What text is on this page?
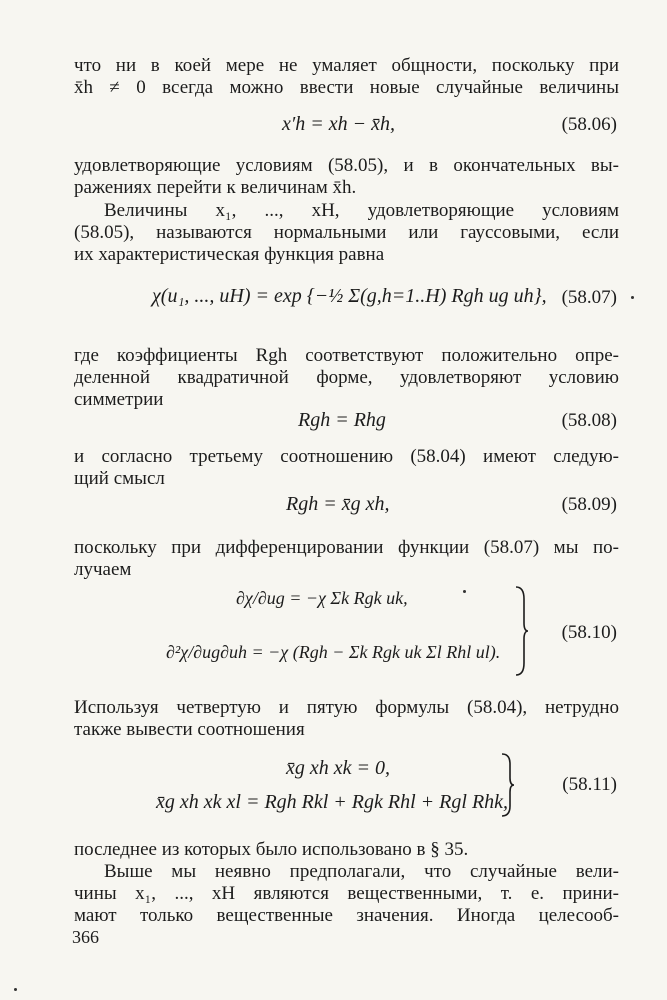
что ни в коей мере не умаляет общности, поскольку при
x̄h ≠ 0 всегда можно ввести новые случайные величины
x′h = xh − x̄h,	(58.06)
удовлетворяющие условиям (58.05), и в окончательных вы-
ражениях перейти к величинам x̄h.
Величины x₁, ..., xH, удовлетворяющие условиям
(58.05), называются нормальными или гауссовыми, если
их характеристическая функция равна
χ(u₁, ..., uH) = exp {−½ Σ(g,h=1..H) Rgh ug uh}, (58.07)
где коэффициенты Rgh соответствуют положительно опре-
деленной квадратичной форме, удовлетворяют условию
симметрии
Rgh = Rhg	(58.08)
и согласно третьему соотношению (58.04) имеют следую-
щий смысл
Rgh = x̄g xh,	(58.09)
поскольку при дифференцировании функции (58.07) мы по-
лучаем
∂χ/∂ug = −χ Σk Rgk uk,
∂²χ/∂ug∂uh = −χ (Rgh − Σk Rgk uk Σl Rhl ul).
(58.10)
Используя четвертую и пятую формулы (58.04), нетрудно
также вывести соотношения
x̄g xh xk = 0,
x̄g xh xk xl = Rgh Rkl + Rgk Rhl + Rgl Rhk,
(58.11)
последнее из которых было использовано в § 35.
Выше мы неявно предполагали, что случайные вели-
чины x₁, ..., xH являются вещественными, т. е. прини-
мают только вещественные значения. Иногда целесооб-
366
